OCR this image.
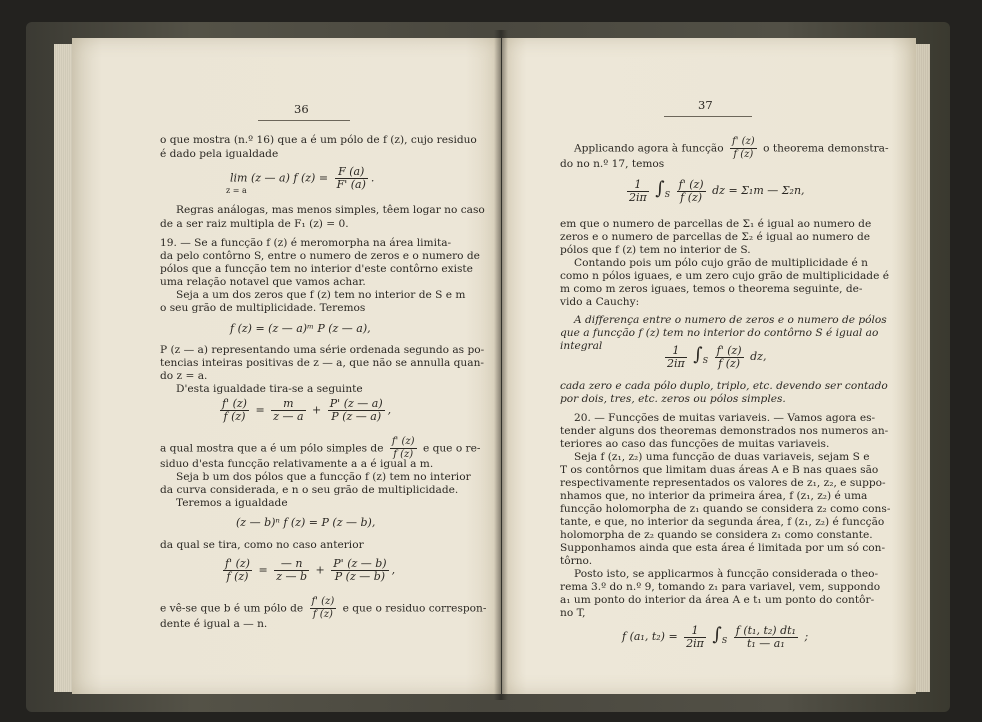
36
o que mostra (n.º 16) que a é um pólo de f (z), cujo residuo
é dado pela igualdade
lim (z — a) f $(z) = \frac{F (a)}{F' (a)}$ .
z = a
Regras análogas, mas menos simples, têem logar no caso
de a ser raiz multipla de F₁ (z) = 0.
19. — Se a funcção f (z) é meromorpha na área limita-
da pelo contôrno S, entre o numero de zeros e o numero de
pólos que a funcção tem no interior d'este contôrno existe
uma relação notavel que vamos achar.
Seja a um dos zeros que f (z) tem no interior de S e m
o seu grão de multiplicidade. Teremos
f (z) = (z — a)ᵐ P (z — a),
P (z — a) representando uma série ordenada segundo as po-
tencias inteiras positivas de z — a, que não se annulla quan-
do z = a.
D'esta igualdade tira-se a seguinte
$\frac{f' (z)}{f (z)} = \frac{m}{z — a} + \frac{P' (z — a)}{P (z — a)}$ ,
a qual mostra que a é um pólo simples de $\frac{f' (z)}{f (z)}$ e que o re-
siduo d'esta funcção relativamente a a é igual a m.
Seja b um dos pólos que a funcção f (z) tem no interior
da curva considerada, e n o seu grão de multiplicidade.
Teremos a igualdade
(z — b)ⁿ f (z) = P (z — b),
da qual se tira, como no caso anterior
$\frac{f' (z)}{f (z)} = \frac{— n}{z — b} + \frac{P' (z — b)}{P (z — b)}$ ,
e vê-se que b é um pólo de $\frac{f' (z)}{f (z)}$ e que o residuo correspon-
dente é igual a — n.
37
Applicando agora à funcção $\frac{f' (z)}{f (z)}$ o theorema demonstra-
do no n.º 17, temos
$\frac{1}{2i\pi} \int_S \frac{f' (z)}{f (z)}$ dz = Σ₁m — Σ₂n,
em que o numero de parcellas de Σ₁ é igual ao numero de
zeros e o numero de parcellas de Σ₂ é igual ao numero de
pólos que f (z) tem no interior de S.
Contando pois um pólo cujo grão de multiplicidade é n
como n pólos iguaes, e um zero cujo grão de multiplicidade é
m como m zeros iguaes, temos o theorema seguinte, de-
vido a Cauchy:
A differença entre o numero de zeros e o numero de pólos
que a funcção f (z) tem no interior do contôrno S é igual ao
integral	$\frac{1}{2i\pi} \int_S \frac{f' (z)}{f (z)}$ dz,
cada zero e cada pólo duplo, triplo, etc. devendo ser contado
por dois, tres, etc. zeros ou pólos simples.
20. — Funcções de muitas variaveis. — Vamos agora es-
tender alguns dos theoremas demonstrados nos numeros an-
teriores ao caso das funcções de muitas variaveis.
Seja f (z₁, z₂) uma funcção de duas variaveis, sejam S e
T os contôrnos que limitam duas áreas A e B nas quaes são
respectivamente representados os valores de z₁, z₂, e suppo-
nhamos que, no interior da primeira área, f (z₁, z₂) é uma
funcção holomorpha de z₁ quando se considera z₂ como cons-
tante, e que, no interior da segunda área, f (z₁, z₂) é funcção
holomorpha de z₂ quando se considera z₁ como constante.
Supponhamos ainda que esta área é limitada por um só con-
tôrno.
Posto isto, se applicarmos à funcção considerada o theo-
rema 3.º do n.º 9, tomando z₁ para variavel, vem, suppondo
a₁ um ponto do interior da área A e t₁ um ponto do contôr-
no T,
f (a₁, $t_2) = \frac{1}{2i\pi} \int_S \frac{\text{f (t₁, t₂) dt₁}}{\text{t₁ — a₁}}$ ;
